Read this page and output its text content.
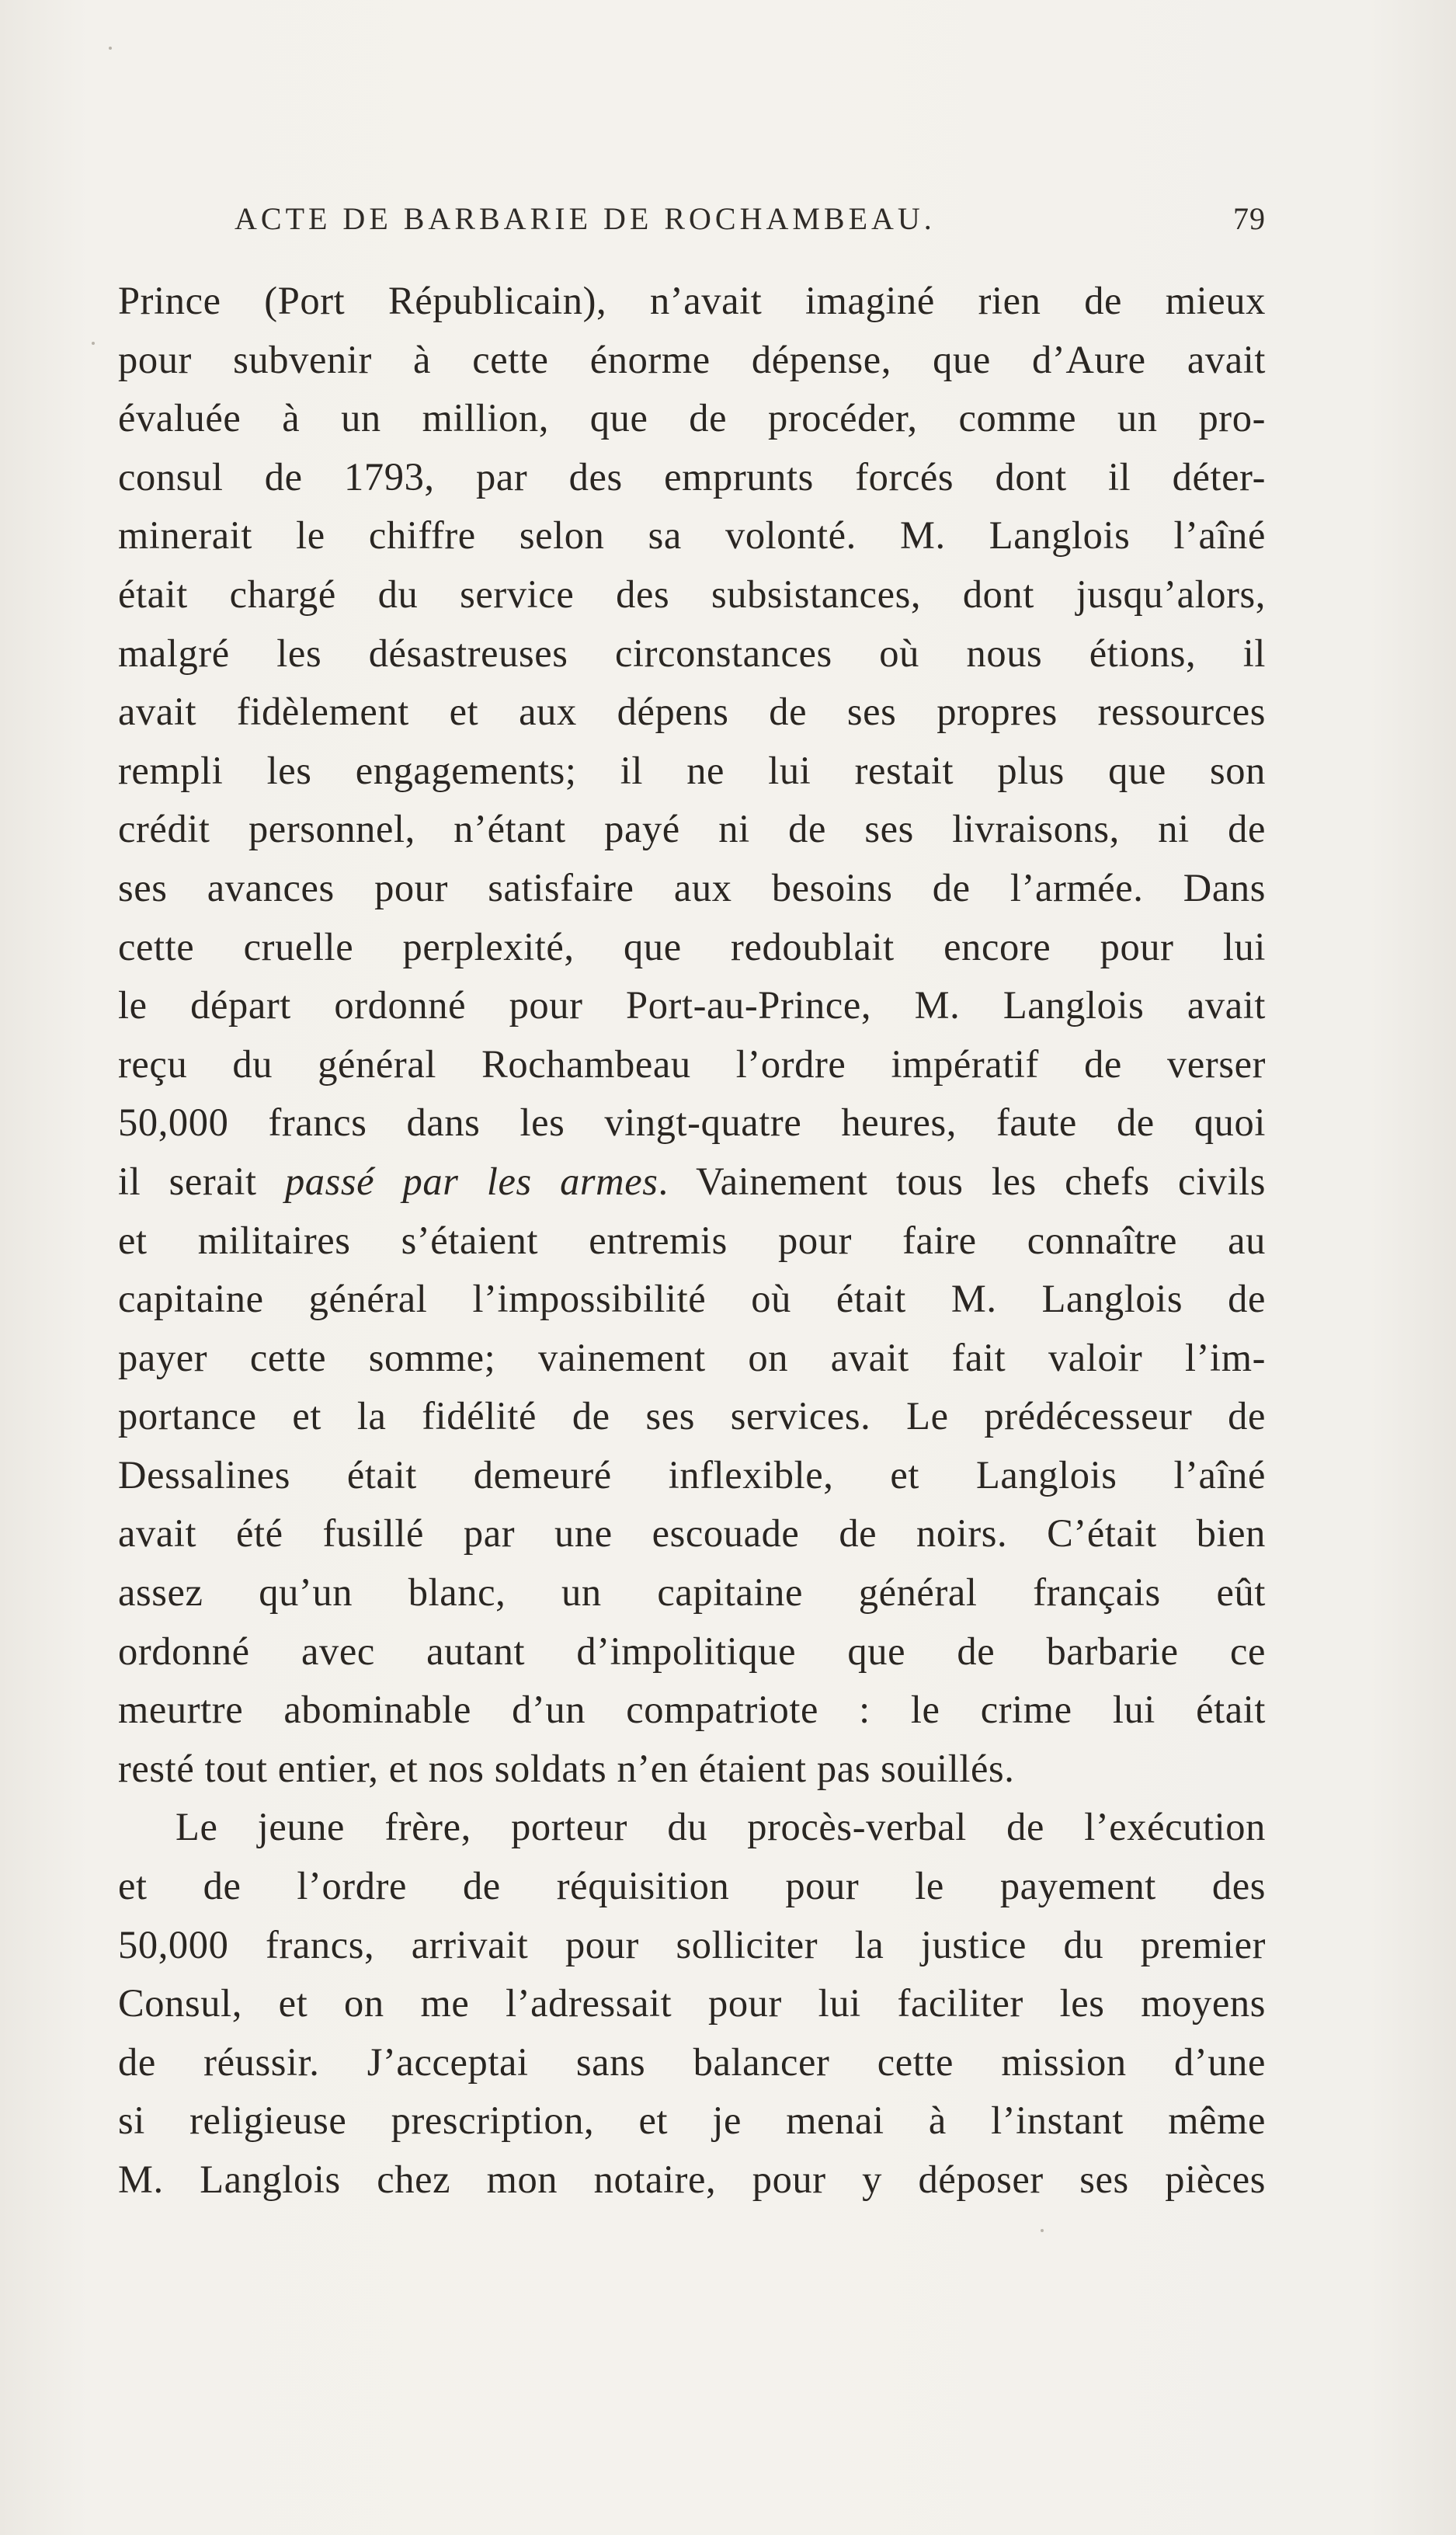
ACTE DE BARBARIE DE ROCHAMBEAU.	79
Prince (Port Républicain), n’avait imaginé rien de mieux
pour subvenir à cette énorme dépense, que d’Aure avait
évaluée à un million, que de procéder, comme un pro-
consul de 1793, par des emprunts forcés dont il déter-
minerait le chiffre selon sa volonté. M. Langlois l’aîné
était chargé du service des subsistances, dont jusqu’alors,
malgré les désastreuses circonstances où nous étions, il
avait fidèlement et aux dépens de ses propres ressources
rempli les engagements; il ne lui restait plus que son
crédit personnel, n’étant payé ni de ses livraisons, ni de
ses avances pour satisfaire aux besoins de l’armée. Dans
cette cruelle perplexité, que redoublait encore pour lui
le départ ordonné pour Port-au-Prince, M. Langlois avait
reçu du général Rochambeau l’ordre impératif de verser
50,000 francs dans les vingt-quatre heures, faute de quoi
il serait passé par les armes. Vainement tous les chefs civils
et militaires s’étaient entremis pour faire connaître au
capitaine général l’impossibilité où était M. Langlois de
payer cette somme; vainement on avait fait valoir l’im-
portance et la fidélité de ses services. Le prédécesseur de
Dessalines était demeuré inflexible, et Langlois l’aîné
avait été fusillé par une escouade de noirs. C’était bien
assez qu’un blanc, un capitaine général français eût
ordonné avec autant d’impolitique que de barbarie ce
meurtre abominable d’un compatriote : le crime lui était
resté tout entier, et nos soldats n’en étaient pas souillés.
Le jeune frère, porteur du procès-verbal de l’exécution
et de l’ordre de réquisition pour le payement des
50,000 francs, arrivait pour solliciter la justice du premier
Consul, et on me l’adressait pour lui faciliter les moyens
de réussir. J’acceptai sans balancer cette mission d’une
si religieuse prescription, et je menai à l’instant même
M. Langlois chez mon notaire, pour y déposer ses pièces
